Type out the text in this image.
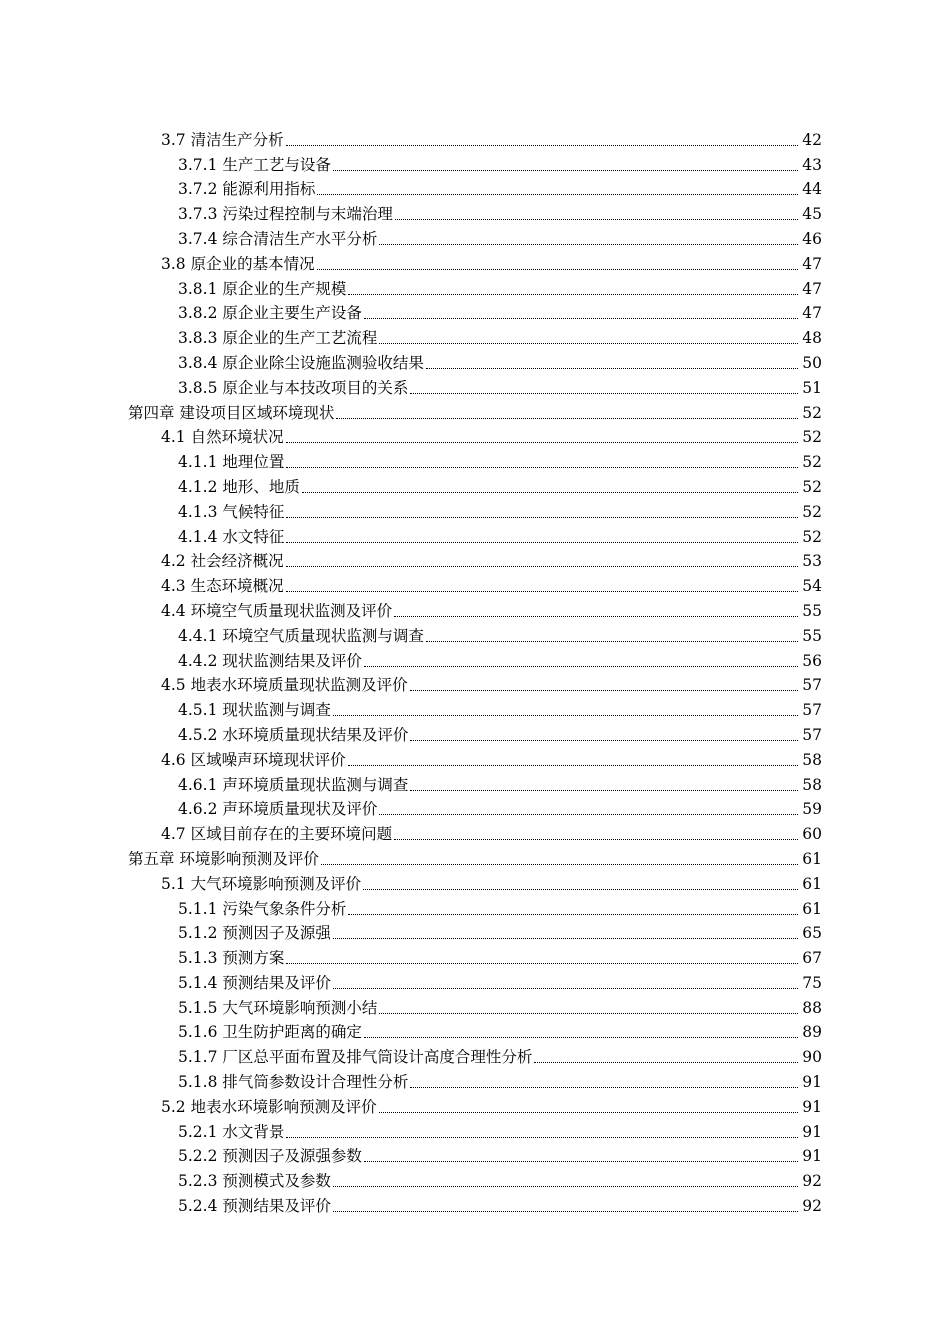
3.7 清洁生产分析	42
3.7.1 生产工艺与设备	43
3.7.2 能源利用指标	44
3.7.3 污染过程控制与末端治理	45
3.7.4 综合清洁生产水平分析	46
3.8 原企业的基本情况	47
3.8.1 原企业的生产规模	47
3.8.2 原企业主要生产设备	47
3.8.3 原企业的生产工艺流程	48
3.8.4 原企业除尘设施监测验收结果	50
3.8.5 原企业与本技改项目的关系	51
第四章 建设项目区域环境现状	52
4.1 自然环境状况	52
4.1.1 地理位置	52
4.1.2 地形、地质	52
4.1.3 气候特征	52
4.1.4 水文特征	52
4.2 社会经济概况	53
4.3 生态环境概况	54
4.4 环境空气质量现状监测及评价	55
4.4.1 环境空气质量现状监测与调查	55
4.4.2 现状监测结果及评价	56
4.5 地表水环境质量现状监测及评价	57
4.5.1 现状监测与调查	57
4.5.2 水环境质量现状结果及评价	57
4.6 区域噪声环境现状评价	58
4.6.1 声环境质量现状监测与调查	58
4.6.2 声环境质量现状及评价	59
4.7 区域目前存在的主要环境问题	60
第五章 环境影响预测及评价	61
5.1 大气环境影响预测及评价	61
5.1.1 污染气象条件分析	61
5.1.2 预测因子及源强	65
5.1.3 预测方案	67
5.1.4 预测结果及评价	75
5.1.5 大气环境影响预测小结	88
5.1.6 卫生防护距离的确定	89
5.1.7 厂区总平面布置及排气筒设计高度合理性分析	90
5.1.8 排气筒参数设计合理性分析	91
5.2 地表水环境影响预测及评价	91
5.2.1 水文背景	91
5.2.2 预测因子及源强参数	91
5.2.3 预测模式及参数	92
5.2.4 预测结果及评价	92
